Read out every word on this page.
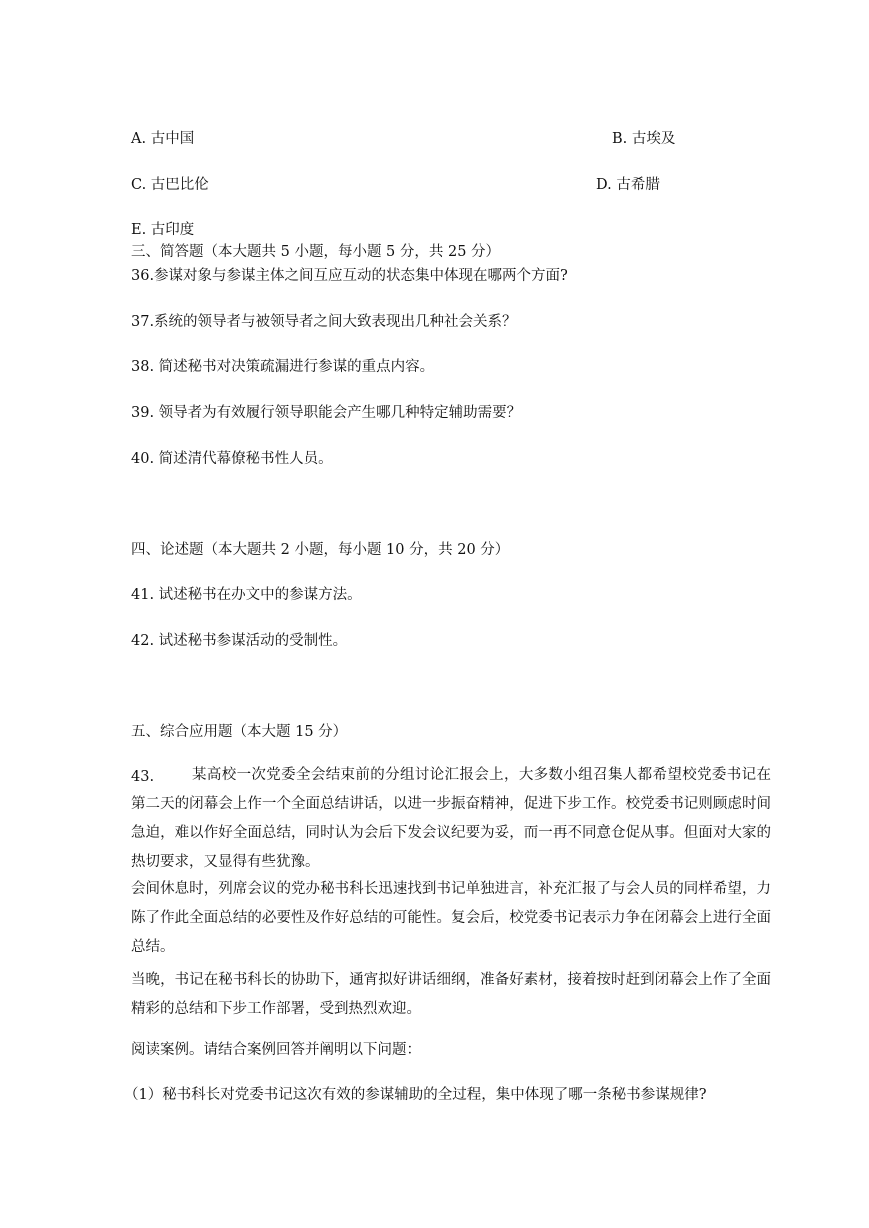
A. 古中国	B. 古埃及
C. 古巴比伦	D. 古希腊
E. 古印度
三、简答题（本大题共 5 小题，每小题 5 分，共 25 分）
36.参谋对象与参谋主体之间互应互动的状态集中体现在哪两个方面?
37.系统的领导者与被领导者之间大致表现出几种社会关系？
38. 简述秘书对决策疏漏进行参谋的重点内容。
39. 领导者为有效履行领导职能会产生哪几种特定辅助需要？
40. 简述清代幕僚秘书性人员。
四、论述题（本大题共 2 小题，每小题 10 分，共 20 分）
41. 试述秘书在办文中的参谋方法。
42. 试述秘书参谋活动的受制性。
五、综合应用题（本大题 15 分）
43.	某高校一次党委全会结束前的分组讨论汇报会上，大多数小组召集人都希望校党委书记在第二天的闭幕会上作一个全面总结讲话，以进一步振奋精神，促进下步工作。校党委书记则顾虑时间急迫，难以作好全面总结，同时认为会后下发会议纪要为妥，而一再不同意仓促从事。但面对大家的热切要求，又显得有些犹豫。
会间休息时，列席会议的党办秘书科长迅速找到书记单独进言，补充汇报了与会人员的同样希望，力陈了作此全面总结的必要性及作好总结的可能性。复会后，校党委书记表示力争在闭幕会上进行全面总结。
当晚，书记在秘书科长的协助下，通宵拟好讲话细纲，准备好素材，接着按时赶到闭幕会上作了全面精彩的总结和下步工作部署，受到热烈欢迎。
阅读案例。请结合案例回答并阐明以下问题：
（1）秘书科长对党委书记这次有效的参谋辅助的全过程，集中体现了哪一条秘书参谋规律?
